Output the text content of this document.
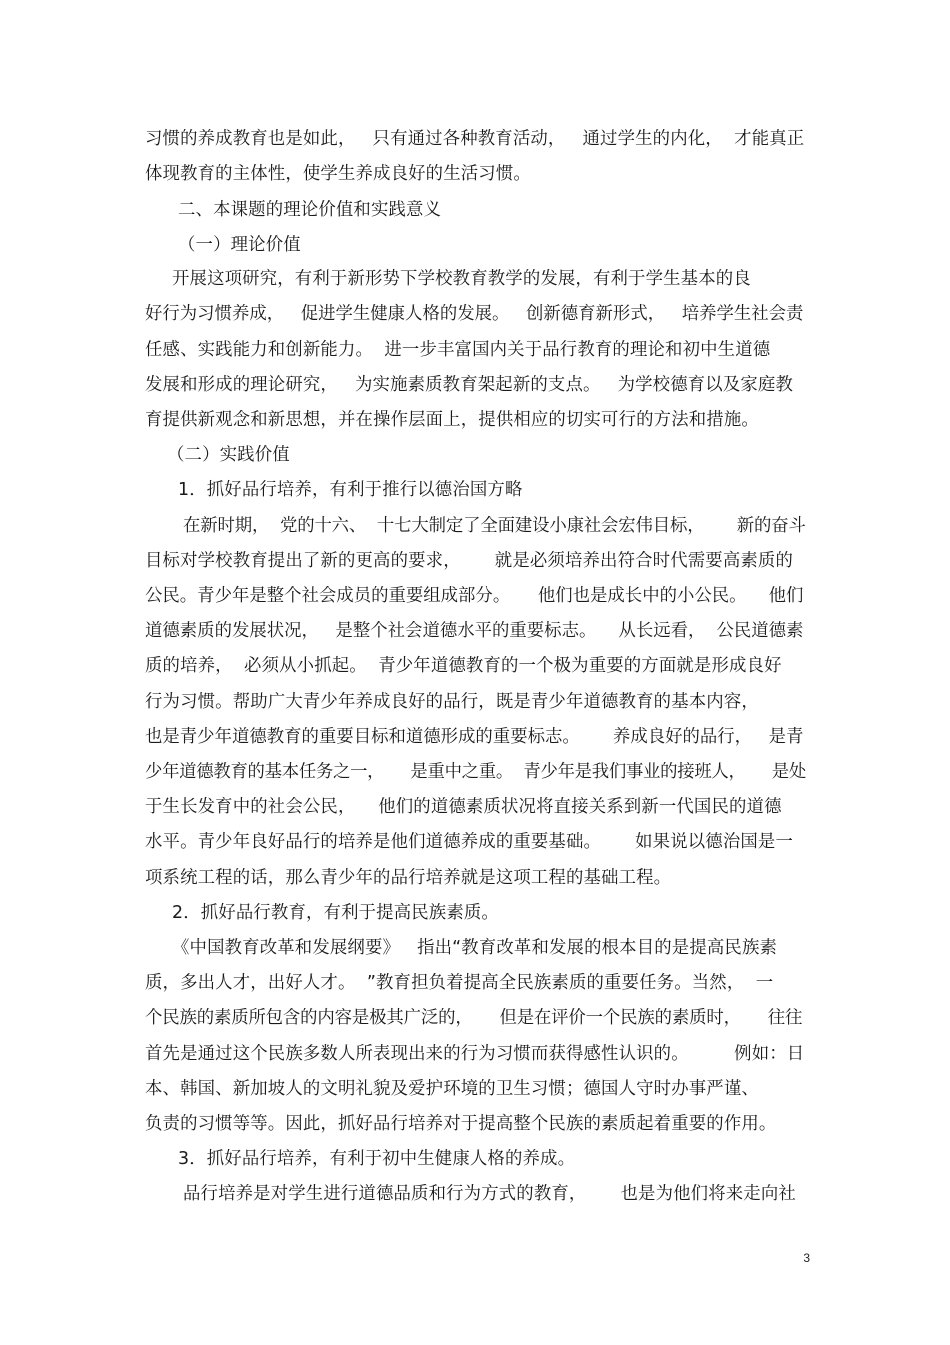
习惯的养成教育也是如此，   只有通过各种教育活动，   通过学生的内化，  才能真正
体现教育的主体性，使学生养成良好的生活习惯。
二、本课题的理论价值和实践意义
（一）理论价值
开展这项研究，有利于新形势下学校教育教学的发展，有利于学生基本的良
好行为习惯养成，   促进学生健康人格的发展。   创新德育新形式，   培养学生社会责
任感、实践能力和创新能力。  进一步丰富国内关于品行教育的理论和初中生道德
发展和形成的理论研究，   为实施素质教育架起新的支点。   为学校德育以及家庭教
育提供新观念和新思想，并在操作层面上，提供相应的切实可行的方法和措施。
（二）实践价值
1．抓好品行培养，有利于推行以德治国方略
在新时期，  党的十六、  十七大制定了全面建设小康社会宏伟目标，      新的奋斗
目标对学校教育提出了新的更高的要求，      就是必须培养出符合时代需要高素质的
公民。青少年是整个社会成员的重要组成部分。     他们也是成长中的小公民。    他们
道德素质的发展状况，   是整个社会道德水平的重要标志。    从长远看，  公民道德素
质的培养，  必须从小抓起。  青少年道德教育的一个极为重要的方面就是形成良好
行为习惯。帮助广大青少年养成良好的品行，既是青少年道德教育的基本内容，
也是青少年道德教育的重要目标和道德形成的重要标志。      养成良好的品行，   是青
少年道德教育的基本任务之一，     是重中之重。  青少年是我们事业的接班人，     是处
于生长发育中的社会公民，    他们的道德素质状况将直接关系到新一代国民的道德
水平。青少年良好品行的培养是他们道德养成的重要基础。      如果说以德治国是一
项系统工程的话，那么青少年的品行培养就是这项工程的基础工程。
2．抓好品行教育，有利于提高民族素质。
《中国教育改革和发展纲要》   指出“教育改革和发展的根本目的是提高民族素
质，多出人才，出好人才。  ”教育担负着提高全民族素质的重要任务。当然，  一
个民族的素质所包含的内容是极其广泛的，     但是在评价一个民族的素质时，     往往
首先是通过这个民族多数人所表现出来的行为习惯而获得感性认识的。        例如：日
本、韩国、新加坡人的文明礼貌及爱护环境的卫生习惯；德国人守时办事严谨、
负责的习惯等等。因此，抓好品行培养对于提高整个民族的素质起着重要的作用。
3．抓好品行培养，有利于初中生健康人格的养成。
品行培养是对学生进行道德品质和行为方式的教育，      也是为他们将来走向社
3
